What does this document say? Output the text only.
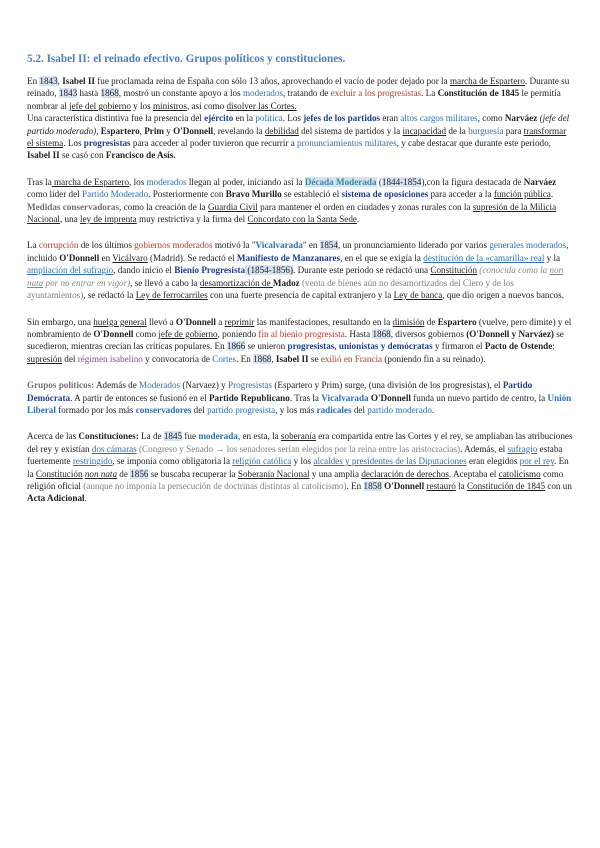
5.2. Isabel II: el reinado efectivo. Grupos políticos y constituciones.

En 1843, Isabel II fue proclamada reina de España con sólo 13 años, aprovechando el vacío de poder dejado por la marcha de Espartero. Durante su reinado, 1843 hasta 1868, mostró un constante apoyo a los moderados, tratando de excluir a los progresistas. La Constitución de 1845 le permitía nombrar al jefe del gobierno y los ministros, así como disolver las Cortes.
Una característica distintiva fue la presencia del ejército en la política. Los jefes de los partidos eran altos cargos militares, como Narváez (jefe del partido moderado), Espartero, Prim y O'Donnell, revelando la debilidad del sistema de partidos y la incapacidad de la burguesía para transformar el sistema. Los progresistas para acceder al poder tuvieron que recurrir a pronunciamientos militares, y cabe destacar que durante este periodo, Isabel II se casó con Francisco de Asís.

Tras la marcha de Espartero, los moderados llegan al poder, iniciando así la Década Moderada (1844-1854),con la figura destacada de Narváez como líder del Partido Moderado. Posteriormente con Bravo Murillo se estableció el sistema de oposiciones para acceder a la función pública. Medidas conservadoras, como la creación de la Guardia Civil para mantener el orden en ciudades y zonas rurales con la supresión de la Milicia Nacional, una ley de imprenta muy restrictiva y la firma del Concordato con la Santa Sede.

La corrupción de los últimos gobiernos moderados motivó la "Vicalvarada" en 1854, un pronunciamiento liderado por varios generales moderados, incluido O'Donnell en Vicálvaro (Madrid). Se redactó el Manifiesto de Manzanares, en el que se exigía la destitución de la «camarilla» real y la ampliación del sufragio, dando inicio el Bienio Progresista (1854-1856). Durante este periodo se redactó una Constitución (conocida como la non nata por no entrar en vigor), se llevó a cabo la desamortización de Madoz (venta de bienes aún no desamortizados del Clero y de los ayuntamientos), se redactó la Ley de ferrocarriles con una fuerte presencia de capital extranjero y la Ley de banca, que dio origen a nuevos bancos.

Sin embargo, una huelga general llevó a O'Donnell a reprimir las manifestaciones, resultando en la dimisión de Espartero (vuelve, pero dimite) y el nombramiento de O'Donnell como jefe de gobierno, poniendo fin al bienio progresista. Hasta 1868, diversos gobiernos (O'Donnell y Narváez) se sucedieron, mientras crecían las críticas populares. En 1866 se unieron progresistas, unionistas y demócratas y firmaron el Pacto de Ostende: supresión del régimen isabelino y convocatoria de Cortes. En 1868, Isabel II se exilió en Francia (poniendo fin a su reinado).

Grupos políticos: Además de Moderados (Narvaez) y Progresistas (Espartero y Prim) surge, (una división de los progresistas), el Partido Demócrata. A partir de entonces se fusionó en el Partido Republicano. Tras la Vicalvarada O'Donnell funda un nuevo partido de centro, la Unión Liberal formado por los más conservadores del partido progresista, y los más radicales del partido moderado.

Acerca de las Constituciones: La de 1845 fue moderada, en esta, la soberanía era compartida entre las Cortes y el rey, se ampliaban las atribuciones del rey y existían dos cámaras (Congreso y Senado → los senadores serían elegidos por la reina entre las aristocracias). Además, el sufragio estaba fuertemente restringido, se imponía como obligatoria la religión católica y los alcaldes y presidentes de las Diputaciones eran elegidos por el rey. En la Constitución non nata de 1856 se buscaba recuperar la Soberanía Nacional y una amplia declaración de derechos. Aceptaba el catolicismo como religión oficial (aunque no imponía la persecución de doctrinas distintas al catolicismo). En 1858 O'Donnell restauró la Constitución de 1845 con un Acta Adicional.
